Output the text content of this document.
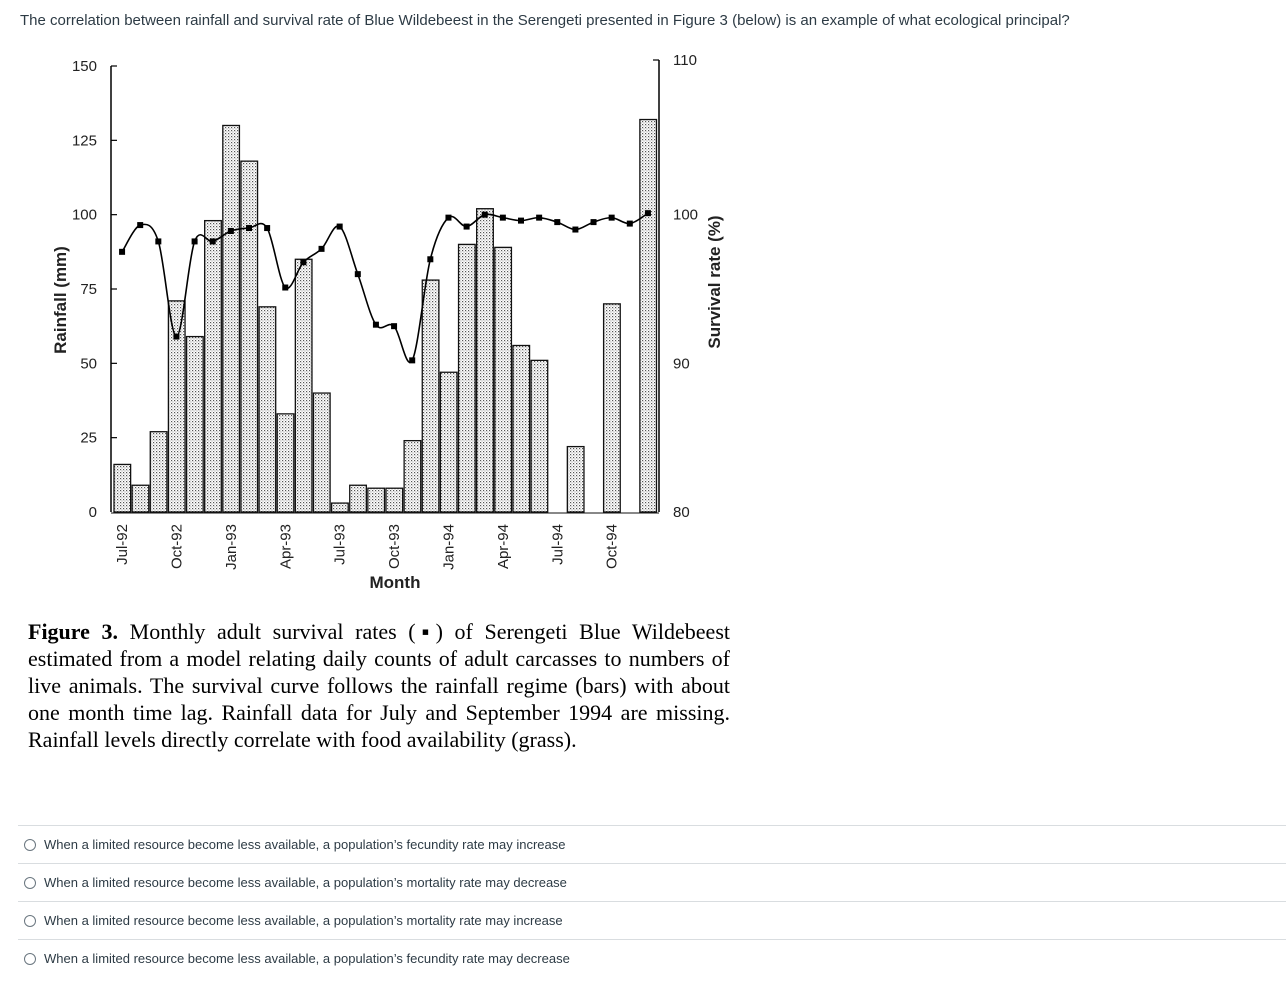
The correlation between rainfall and survival rate of Blue Wildebeest in the Serengeti presented in Figure 3 (below) is an example of what ecological principal?
0
25
50
75
100
125
150
80
90
100
110
Jul-92 Oct-92 Jan-93 Apr-93 Jul-93 Oct-93 Jan-94 Apr-94 Jul-94 Oct-94
Month
Rainfall (mm)	Survival rate (%)
Figure 3. Monthly adult survival rates (▪) of Serengeti Blue Wildebeest estimated from a model relating daily counts of adult carcasses to numbers of live animals. The survival curve follows the rainfall regime (bars) with about one month time lag. Rainfall data for July and September 1994 are missing. Rainfall levels directly correlate with food availability (grass).
When a limited resource become less available, a population’s fecundity rate may increase
When a limited resource become less available, a population’s mortality rate may decrease
When a limited resource become less available, a population’s mortality rate may increase
When a limited resource become less available, a population’s fecundity rate may decrease
